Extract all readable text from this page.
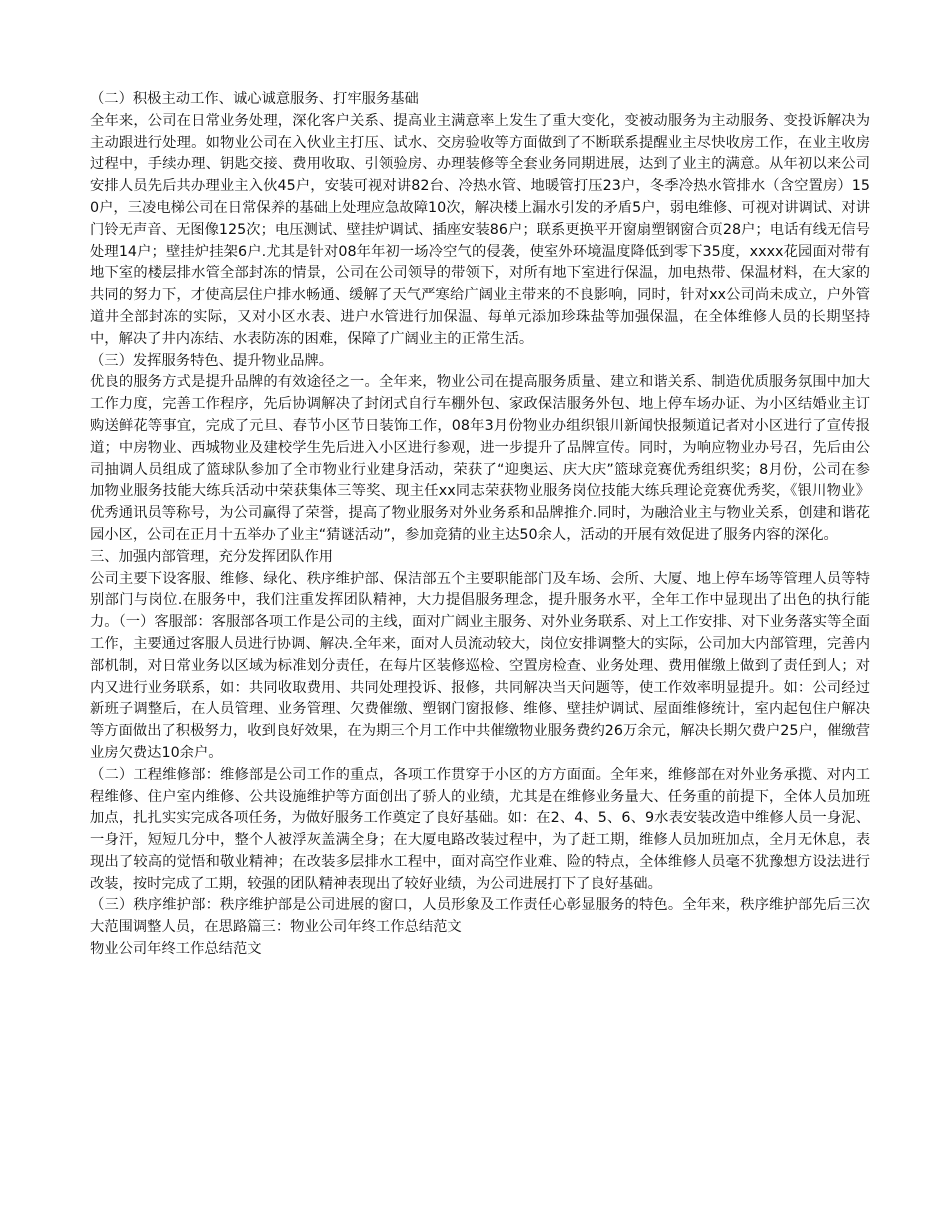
（二）积极主动工作、诚心诚意服务、打牢服务基础

全年来，公司在日常业务处理，深化客户关系、提高业主满意率上发生了重大变化，变被动服务为主动服务、变投诉解决为主动跟进行处理。如物业公司在入伙业主打压、试水、交房验收等方面做到了不断联系提醒业主尽快收房工作，在业主收房过程中，手续办理、钥匙交接、费用收取、引领验房、办理装修等全套业务同期进展，达到了业主的满意。从年初以来公司安排人员先后共办理业主入伙45户，安装可视对讲82台、冷热水管、地暖管打压23户，冬季冷热水管排水（含空置房）150户，三凌电梯公司在日常保养的基础上处理应急故障10次，解决楼上漏水引发的矛盾5户，弱电维修、可视对讲调试、对讲门铃无声音、无图像125次；电压测试、壁挂炉调试、插座安装86户；联系更换平开窗扇塑钢窗合页28户；电话有线无信号处理14户；壁挂炉挂架6户.尤其是针对08年年初一场冷空气的侵袭，使室外环境温度降低到零下35度，xxxx花园面对带有地下室的楼层排水管全部封冻的情景，公司在公司领导的带领下，对所有地下室进行保温，加电热带、保温材料，在大家的共同的努力下，才使高层住户排水畅通、缓解了天气严寒给广阔业主带来的不良影响，同时，针对xx公司尚未成立，户外管道井全部封冻的实际，又对小区水表、进户水管进行加保温、每单元添加珍珠盐等加强保温，在全体维修人员的长期坚持中，解决了井内冻结、水表防冻的困难，保障了广阔业主的正常生活。

（三）发挥服务特色、提升物业品牌。

优良的服务方式是提升品牌的有效途径之一。全年来，物业公司在提高服务质量、建立和谐关系、制造优质服务氛围中加大工作力度，完善工作程序，先后协调解决了封闭式自行车棚外包、家政保洁服务外包、地上停车场办证、为小区结婚业主订购送鲜花等事宜，完成了元旦、春节小区节日装饰工作，08年3月份物业办组织银川新闻快报频道记者对小区进行了宣传报道；中房物业、西城物业及建校学生先后进入小区进行参观，进一步提升了品牌宣传。同时，为响应物业办号召，先后由公司抽调人员组成了篮球队参加了全市物业行业建身活动，荣获了“迎奥运、庆大庆”篮球竞赛优秀组织奖；8月份，公司在参加物业服务技能大练兵活动中荣获集体三等奖、现主任xx同志荣获物业服务岗位技能大练兵理论竞赛优秀奖，《银川物业》优秀通讯员等称号，为公司赢得了荣誉，提高了物业服务对外业务系和品牌推介.同时，为融洽业主与物业关系，创建和谐花园小区，公司在正月十五举办了业主“猜谜活动”，参加竞猜的业主达50余人，活动的开展有效促进了服务内容的深化。

三、加强内部管理，充分发挥团队作用

公司主要下设客服、维修、绿化、秩序维护部、保洁部五个主要职能部门及车场、会所、大厦、地上停车场等管理人员等特别部门与岗位.在服务中，我们注重发挥团队精神，大力提倡服务理念，提升服务水平，全年工作中显现出了出色的执行能力。（一）客服部：客服部各项工作是公司的主线，面对广阔业主服务、对外业务联系、对上工作安排、对下业务落实等全面工作，主要通过客服人员进行协调、解决.全年来，面对人员流动较大，岗位安排调整大的实际，公司加大内部管理，完善内部机制，对日常业务以区域为标准划分责任，在每片区装修巡检、空置房检查、业务处理、费用催缴上做到了责任到人；对内又进行业务联系，如：共同收取费用、共同处理投诉、报修，共同解决当天问题等，使工作效率明显提升。如：公司经过新班子调整后，在人员管理、业务管理、欠费催缴、塑钢门窗报修、维修、壁挂炉调试、屋面维修统计，室内起包住户解决等方面做出了积极努力，收到良好效果，在为期三个月工作中共催缴物业服务费约26万余元，解决长期欠费户25户，催缴营业房欠费达10余户。

（二）工程维修部：维修部是公司工作的重点，各项工作贯穿于小区的方方面面。全年来，维修部在对外业务承揽、对内工程维修、住户室内维修、公共设施维护等方面创出了骄人的业绩，尤其是在维修业务量大、任务重的前提下，全体人员加班加点，扎扎实实完成各项任务，为做好服务工作奠定了良好基础。如：在2、4、5、6、9水表安装改造中维修人员一身泥、一身汗，短短几分中，整个人被浮灰盖满全身；在大厦电路改装过程中，为了赶工期，维修人员加班加点，全月无休息，表现出了较高的觉悟和敬业精神；在改装多层排水工程中，面对高空作业难、险的特点，全体维修人员毫不犹豫想方设法进行改装，按时完成了工期，较强的团队精神表现出了较好业绩，为公司进展打下了良好基础。

（三）秩序维护部：秩序维护部是公司进展的窗口，人员形象及工作责任心彰显服务的特色。全年来，秩序维护部先后三次大范围调整人员，在思路篇三：物业公司年终工作总结范文

物业公司年终工作总结范文
